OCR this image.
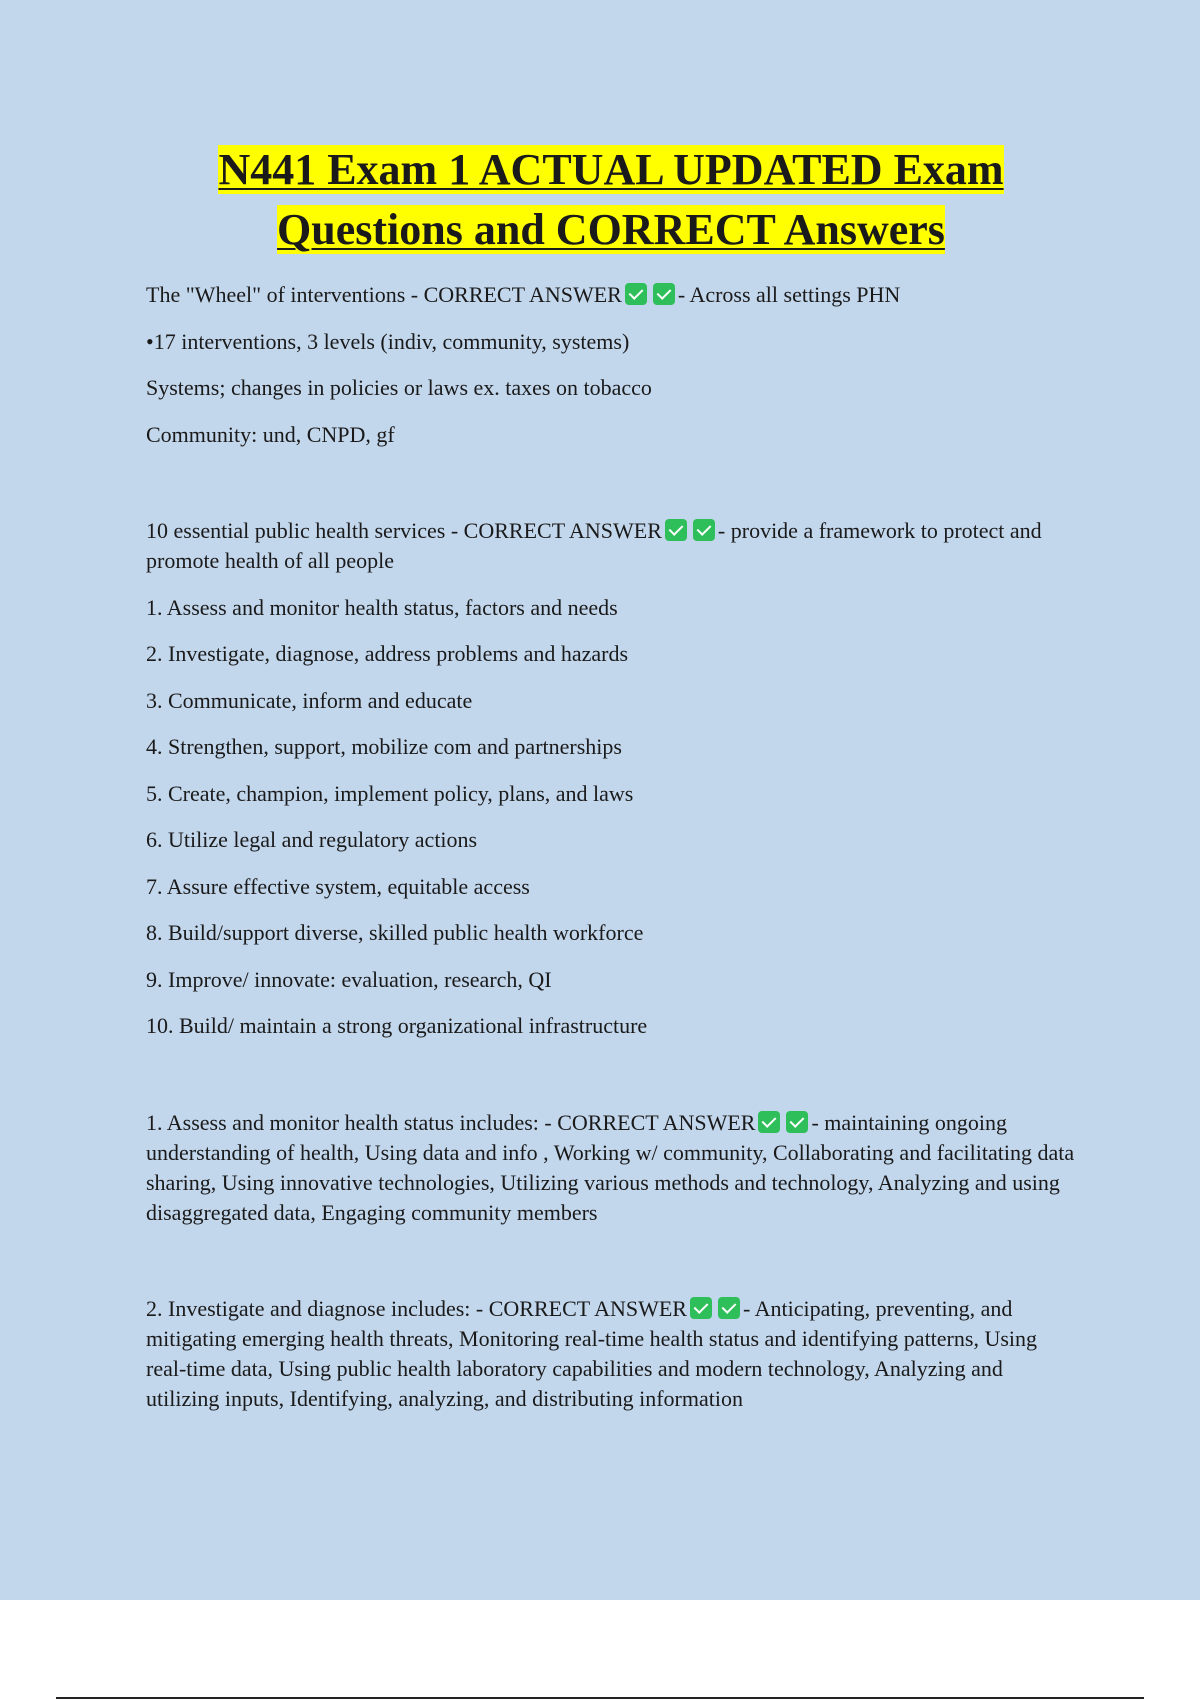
N441 Exam 1 ACTUAL UPDATED Exam
Questions and CORRECT Answers

The "Wheel" of interventions - CORRECT ANSWER	- Across all settings PHN

•17 interventions, 3 levels (indiv, community, systems)

Systems; changes in policies or laws ex. taxes on tobacco

Community: und, CNPD, gf

10 essential public health services - CORRECT ANSWER	- provide a framework to protect and promote health of all people

1. Assess and monitor health status, factors and needs

2. Investigate, diagnose, address problems and hazards

3. Communicate, inform and educate

4. Strengthen, support, mobilize com and partnerships

5. Create, champion, implement policy, plans, and laws

6. Utilize legal and regulatory actions

7. Assure effective system, equitable access

8. Build/support diverse, skilled public health workforce

9. Improve/ innovate: evaluation, research, QI

10. Build/ maintain a strong organizational infrastructure

1. Assess and monitor health status includes: - CORRECT ANSWER	- maintaining ongoing understanding of health, Using data and info , Working w/ community, Collaborating and facilitating data sharing, Using innovative technologies, Utilizing various methods and technology, Analyzing and using disaggregated data, Engaging community members

2. Investigate and diagnose includes: - CORRECT ANSWER	- Anticipating, preventing, and mitigating emerging health threats, Monitoring real-time health status and identifying patterns, Using real-time data, Using public health laboratory capabilities and modern technology, Analyzing and utilizing inputs, Identifying, analyzing, and distributing information
